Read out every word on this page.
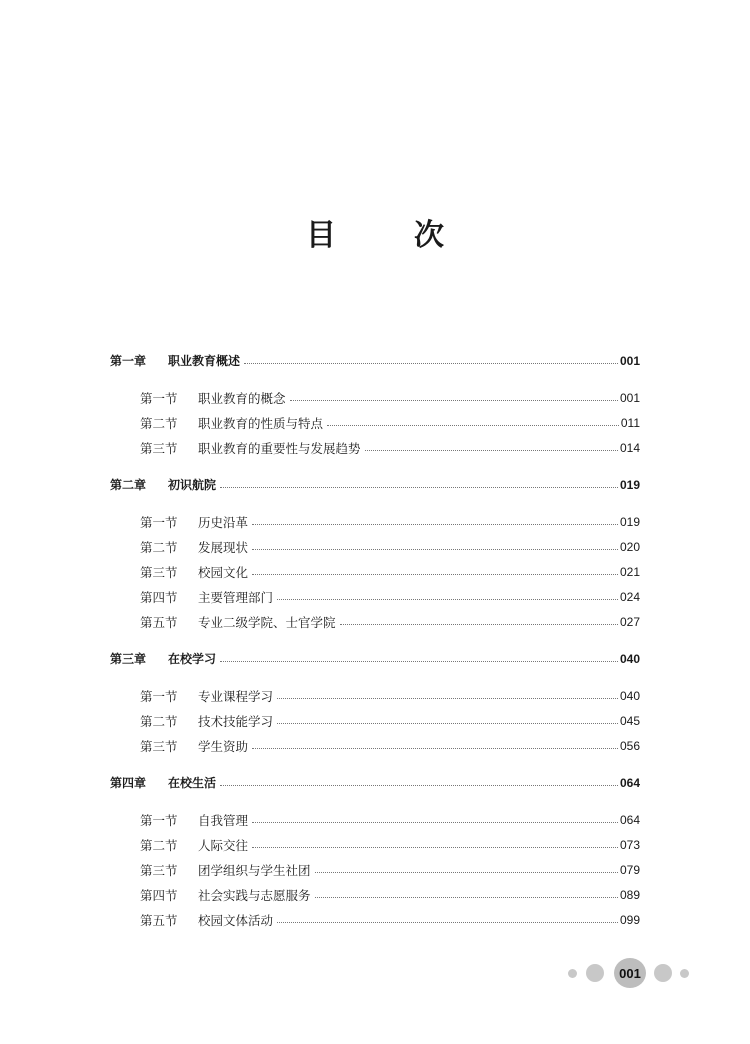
目　次
第一章	职业教育概述	001
第一节	职业教育的概念	001
第二节	职业教育的性质与特点	011
第三节	职业教育的重要性与发展趋势	014
第二章	初识航院	019
第一节	历史沿革	019
第二节	发展现状	020
第三节	校园文化	021
第四节	主要管理部门	024
第五节	专业二级学院、士官学院	027
第三章	在校学习	040
第一节	专业课程学习	040
第二节	技术技能学习	045
第三节	学生资助	056
第四章	在校生活	064
第一节	自我管理	064
第二节	人际交往	073
第三节	团学组织与学生社团	079
第四节	社会实践与志愿服务	089
第五节	校园文体活动	099
001
